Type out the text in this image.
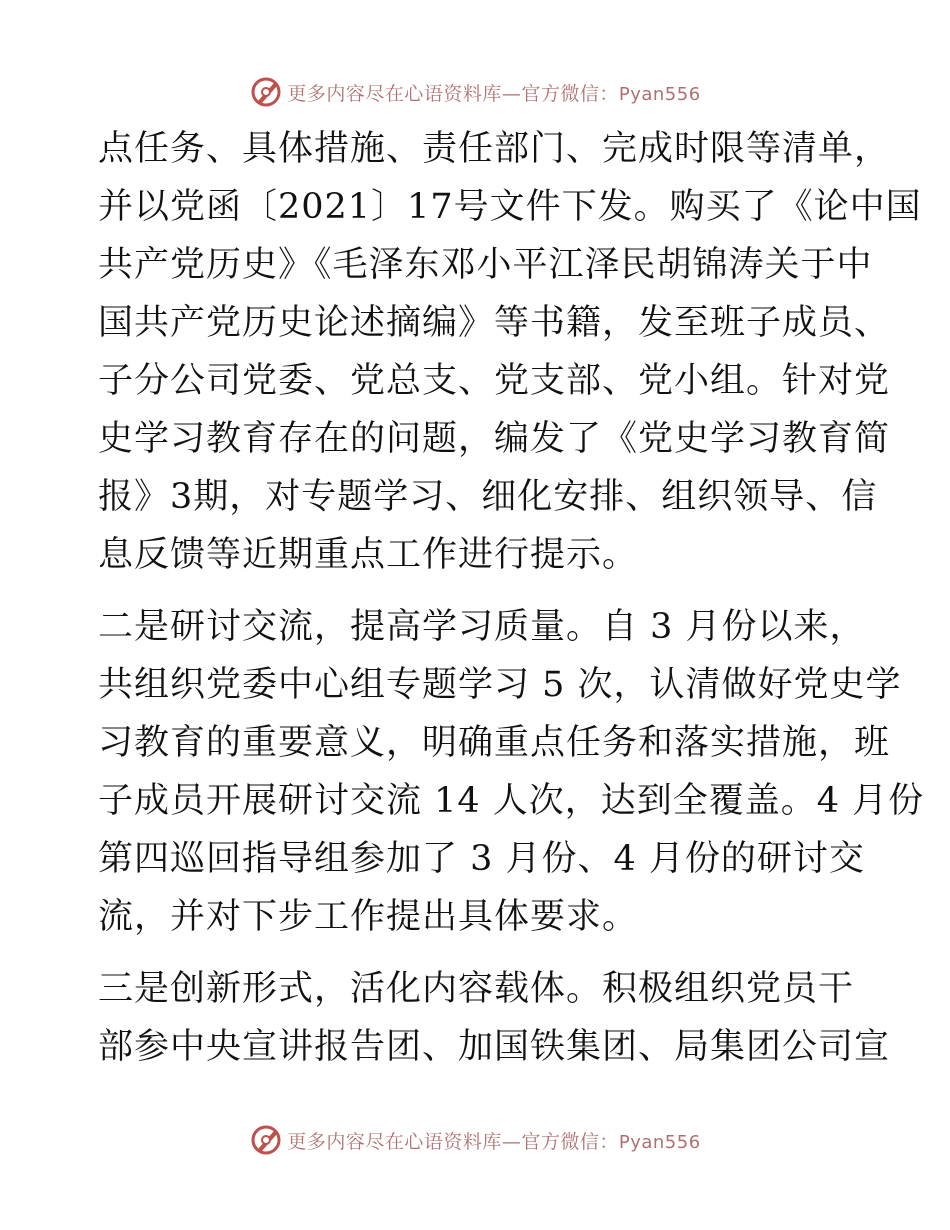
更多内容尽在心语资料库—官方微信：Pyan556
点任务、具体措施、责任部门、完成时限等清单，
并以党函〔2021〕17号文件下发。购买了《论中国
共产党历史》《毛泽东邓小平江泽民胡锦涛关于中
国共产党历史论述摘编》等书籍，发至班子成员、
子分公司党委、党总支、党支部、党小组。针对党
史学习教育存在的问题，编发了《党史学习教育简
报》3期，对专题学习、细化安排、组织领导、信
息反馈等近期重点工作进行提示。
二是研讨交流，提高学习质量。自 3 月份以来，
共组织党委中心组专题学习 5 次，认清做好党史学
习教育的重要意义，明确重点任务和落实措施，班
子成员开展研讨交流 14 人次，达到全覆盖。4 月份
第四巡回指导组参加了 3 月份、4 月份的研讨交
流，并对下步工作提出具体要求。
三是创新形式，活化内容载体。积极组织党员干
部参中央宣讲报告团、加国铁集团、局集团公司宣
更多内容尽在心语资料库—官方微信：Pyan556
